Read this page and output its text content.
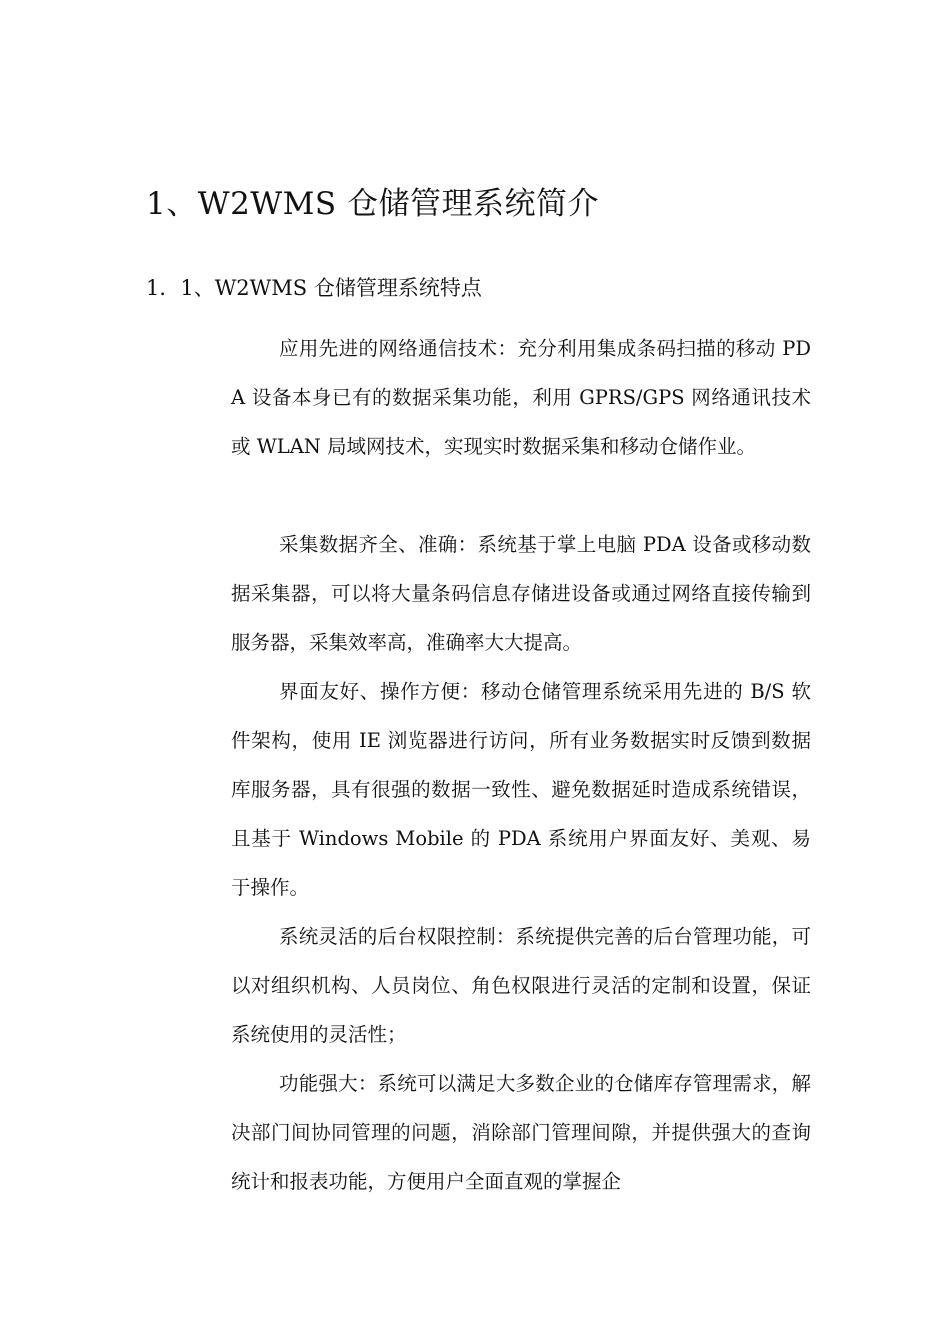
1、W2WMS 仓储管理系统简介
1．1、W2WMS 仓储管理系统特点
应用先进的网络通信技术：充分利用集成条码扫描的移动 PDA 设备本身已有的数据采集功能，利用 GPRS/GPS 网络通讯技术或 WLAN 局域网技术，实现实时数据采集和移动仓储作业。
采集数据齐全、准确：系统基于掌上电脑 PDA 设备或移动数据采集器，可以将大量条码信息存储进设备或通过网络直接传输到服务器，采集效率高，准确率大大提高。
界面友好、操作方便：移动仓储管理系统采用先进的 B/S 软件架构，使用 IE 浏览器进行访问，所有业务数据实时反馈到数据库服务器，具有很强的数据一致性、避免数据延时造成系统错误，且基于 Windows Mobile 的 PDA 系统用户界面友好、美观、易于操作。
系统灵活的后台权限控制：系统提供完善的后台管理功能，可以对组织机构、人员岗位、角色权限进行灵活的定制和设置，保证系统使用的灵活性；
功能强大：系统可以满足大多数企业的仓储库存管理需求，解决部门间协同管理的问题，消除部门管理间隙，并提供强大的查询统计和报表功能，方便用户全面直观的掌握企
